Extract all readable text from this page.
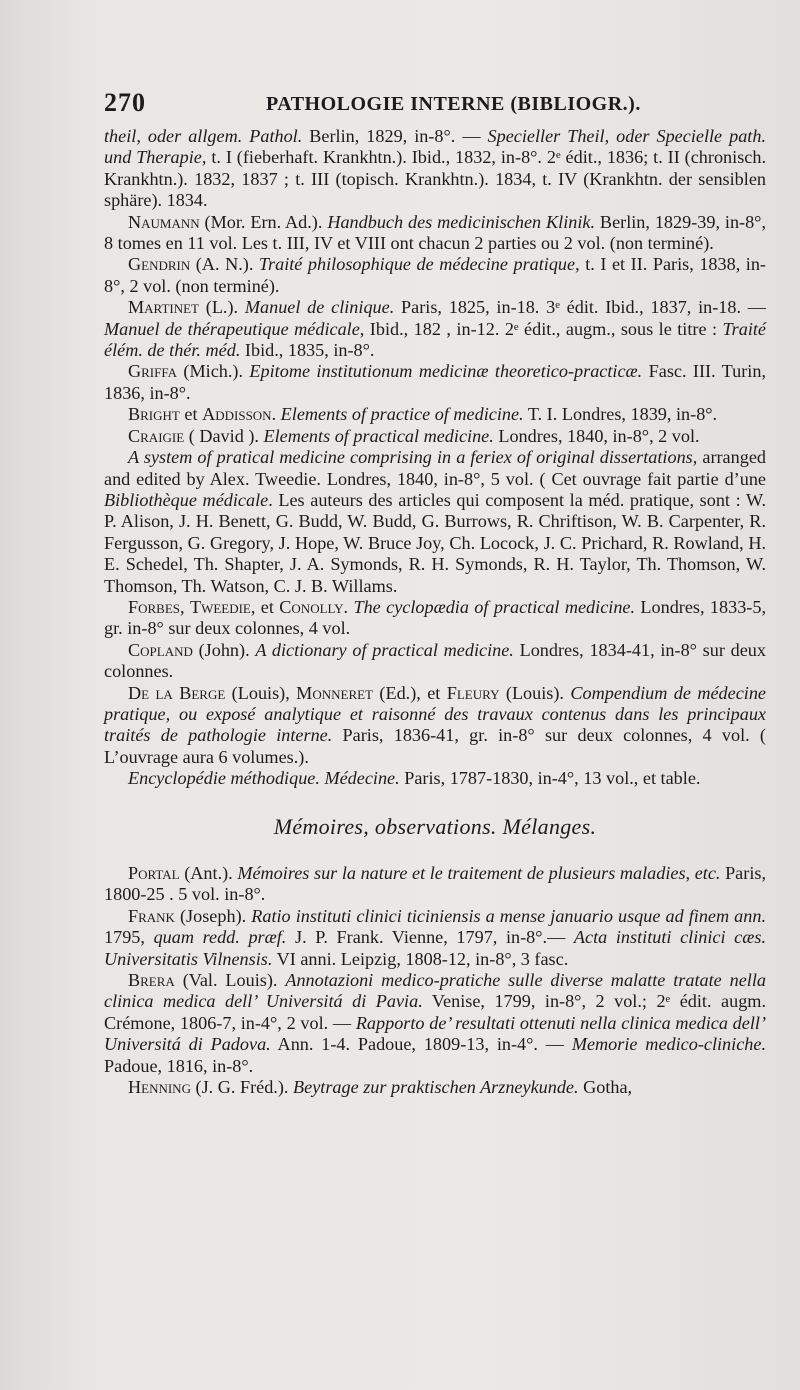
270	PATHOLOGIE INTERNE (BIBLIOGR.).

theil, oder allgem. Pathol. Berlin, 1829, in-8°. — Specieller Theil, oder Specielle path. und Therapie, t. I (fieberhaft. Krankhtn.). Ibid., 1832, in-8°. 2ᵉ édit., 1836; t. II (chronisch. Krankhtn.). 1832, 1837 ; t. III (topisch. Krankhtn.). 1834, t. IV (Krankhtn. der sensiblen sphäre). 1834.

Naumann (Mor. Ern. Ad.). Handbuch des medicinischen Klinik. Berlin, 1829-39, in-8°, 8 tomes en 11 vol. Les t. III, IV et VIII ont chacun 2 parties ou 2 vol. (non terminé).

Gendrin (A. N.). Traité philosophique de médecine pratique, t. I et II. Paris, 1838, in-8°, 2 vol. (non terminé).

Martinet (L.). Manuel de clinique. Paris, 1825, in-18. 3ᵉ édit. Ibid., 1837, in-18. — Manuel de thérapeutique médicale, Ibid., 182 , in-12. 2ᵉ édit., augm., sous le titre : Traité élém. de thér. méd. Ibid., 1835, in-8°.

Griffa (Mich.). Epitome institutionum medicinæ theoretico-practicæ. Fasc. III. Turin, 1836, in-8°.

Bright et Addisson. Elements of practice of medicine. T. I. Londres, 1839, in-8°.

Craigie ( David ). Elements of practical medicine. Londres, 1840, in-8°, 2 vol.

A system of pratical medicine comprising in a feriex of original dissertations, arranged and edited by Alex. Tweedie. Londres, 1840, in-8°, 5 vol. ( Cet ouvrage fait partie d’une Bibliothèque médicale. Les auteurs des articles qui composent la méd. pratique, sont : W. P. Alison, J. H. Benett, G. Budd, W. Budd, G. Burrows, R. Chriftison, W. B. Carpenter, R. Fergusson, G. Gregory, J. Hope, W. Bruce Joy, Ch. Locock, J. C. Prichard, R. Rowland, H. E. Schedel, Th. Shapter, J. A. Symonds, R. H. Symonds, R. H. Taylor, Th. Thomson, W. Thomson, Th. Watson, C. J. B. Willams.

Forbes, Tweedie, et Conolly. The cyclopædia of practical medicine. Londres, 1833-5, gr. in-8° sur deux colonnes, 4 vol.

Copland (John). A dictionary of practical medicine. Londres, 1834-41, in-8° sur deux colonnes.

De la Berge (Louis), Monneret (Ed.), et Fleury (Louis). Compendium de médecine pratique, ou exposé analytique et raisonné des travaux contenus dans les principaux traités de pathologie interne. Paris, 1836-41, gr. in-8° sur deux colonnes, 4 vol. ( L’ouvrage aura 6 volumes.).

Encyclopédie méthodique. Médecine. Paris, 1787-1830, in-4°, 13 vol., et table.

Mémoires, observations. Mélanges.

Portal (Ant.). Mémoires sur la nature et le traitement de plusieurs maladies, etc. Paris, 1800-25 . 5 vol. in-8°.

Frank (Joseph). Ratio instituti clinici ticiniensis a mense januario usque ad finem ann. 1795, quam redd. præf. J. P. Frank. Vienne, 1797, in-8°.— Acta instituti clinici cæs. Universitatis Vilnensis. VI anni. Leipzig, 1808-12, in-8°, 3 fasc.

Brera (Val. Louis). Annotazioni medico-pratiche sulle diverse malatte tratate nella clinica medica dell’ Universitá di Pavia. Venise, 1799, in-8°, 2 vol.; 2ᵉ édit. augm. Crémone, 1806-7, in-4°, 2 vol. — Rapporto de’ resultati ottenuti nella clinica medica dell’ Universitá di Padova. Ann. 1-4. Padoue, 1809-13, in-4°. — Memorie medico-cliniche. Padoue, 1816, in-8°.

Henning (J. G. Fréd.). Beytrage zur praktischen Arzneykunde. Gotha,
